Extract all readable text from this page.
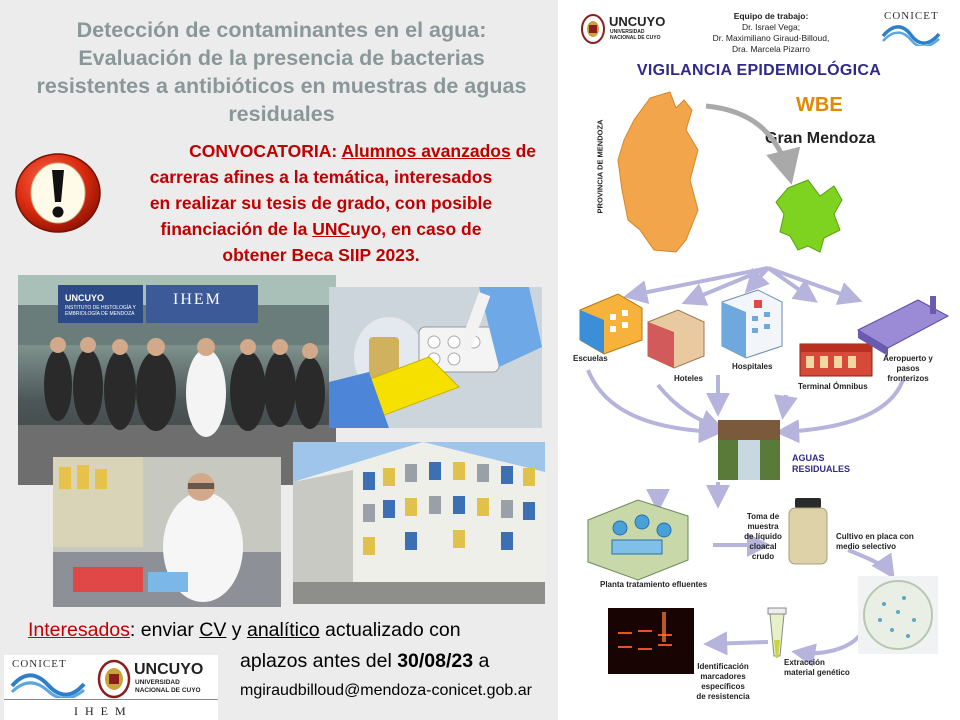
Detección de contaminantes en el agua:
Evaluación de la presencia de bacterias
resistentes a antibióticos en muestras de aguas
residuales
CONVOCATORIA: Alumnos avanzados de
carreras afines a la temática, interesados
en realizar su tesis de grado, con posible
financiación de la UNCuyo, en caso de
obtener Beca SIIP 2023.
UNCUYO
INSTITUTO DE HISTOLOGÍA Y EMBRIOLOGÍA DE MENDOZA
IHEM
Interesados: enviar CV y analítico actualizado con
aplazos antes del 30/08/23 a
mgiraudbilloud@mendoza-conicet.gob.ar
CONICET	UNCUYO
UNIVERSIDAD
NACIONAL DE CUYO
I H E M
UNCUYO
UNIVERSIDAD
NACIONAL DE CUYO
Equipo de trabajo:
Dr. Israel Vega;
Dr. Maximiliano Giraud-Billoud,
Dra. Marcela Pizarro
CONICET
VIGILANCIA EPIDEMIOLÓGICA
WBE
Gran Mendoza
PROVINCIA DE MENDOZA
Escuelas
Hoteles
Hospitales
Terminal Ómnibus
Aeropuerto y pasos fronterizos
AGUAS
RESIDUALES
Toma de
muestra
de líquido
cloacal
crudo
Cultivo en placa con
medio selectivo
Planta tratamiento efluentes
Identificación
marcadores
específicos
de resistencia
Extracción
material genético
